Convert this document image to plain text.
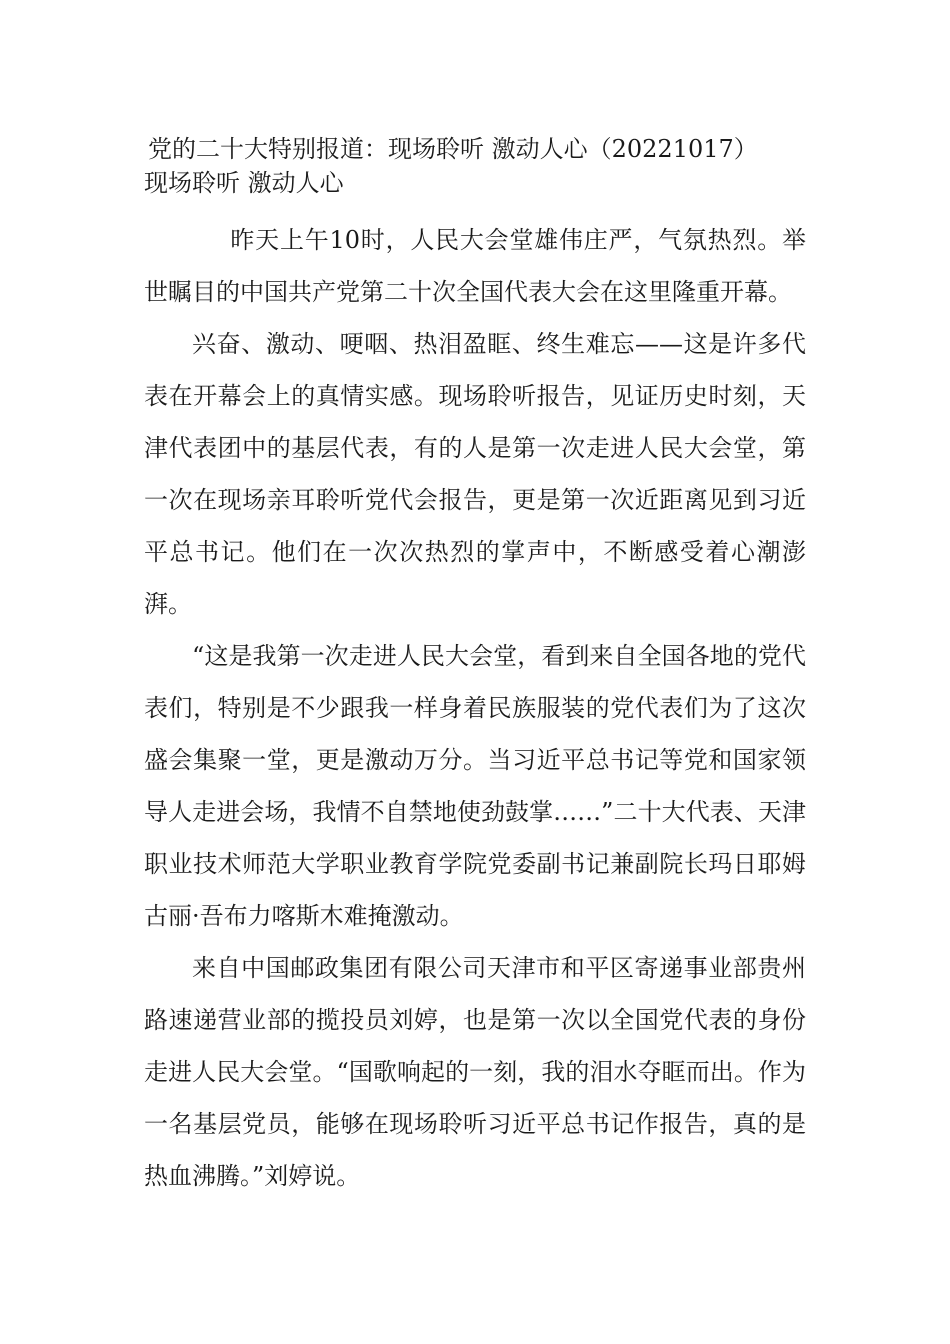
党的二十大特别报道：现场聆听 激动人心（20221017）

现场聆听 激动人心

昨天上午10时，人民大会堂雄伟庄严，气氛热烈。举世瞩目的中国共产党第二十次全国代表大会在这里隆重开幕。

兴奋、激动、哽咽、热泪盈眶、终生难忘——这是许多代表在开幕会上的真情实感。现场聆听报告，见证历史时刻，天津代表团中的基层代表，有的人是第一次走进人民大会堂，第一次在现场亲耳聆听党代会报告，更是第一次近距离见到习近平总书记。他们在一次次热烈的掌声中，不断感受着心潮澎湃。

“这是我第一次走进人民大会堂，看到来自全国各地的党代表们，特别是不少跟我一样身着民族服装的党代表们为了这次盛会集聚一堂，更是激动万分。当习近平总书记等党和国家领导人走进会场，我情不自禁地使劲鼓掌……”二十大代表、天津职业技术师范大学职业教育学院党委副书记兼副院长玛日耶姆古丽·吾布力喀斯木难掩激动。

来自中国邮政集团有限公司天津市和平区寄递事业部贵州路速递营业部的揽投员刘婷，也是第一次以全国党代表的身份走进人民大会堂。“国歌响起的一刻，我的泪水夺眶而出。作为一名基层党员，能够在现场聆听习近平总书记作报告，真的是热血沸腾。”刘婷说。
